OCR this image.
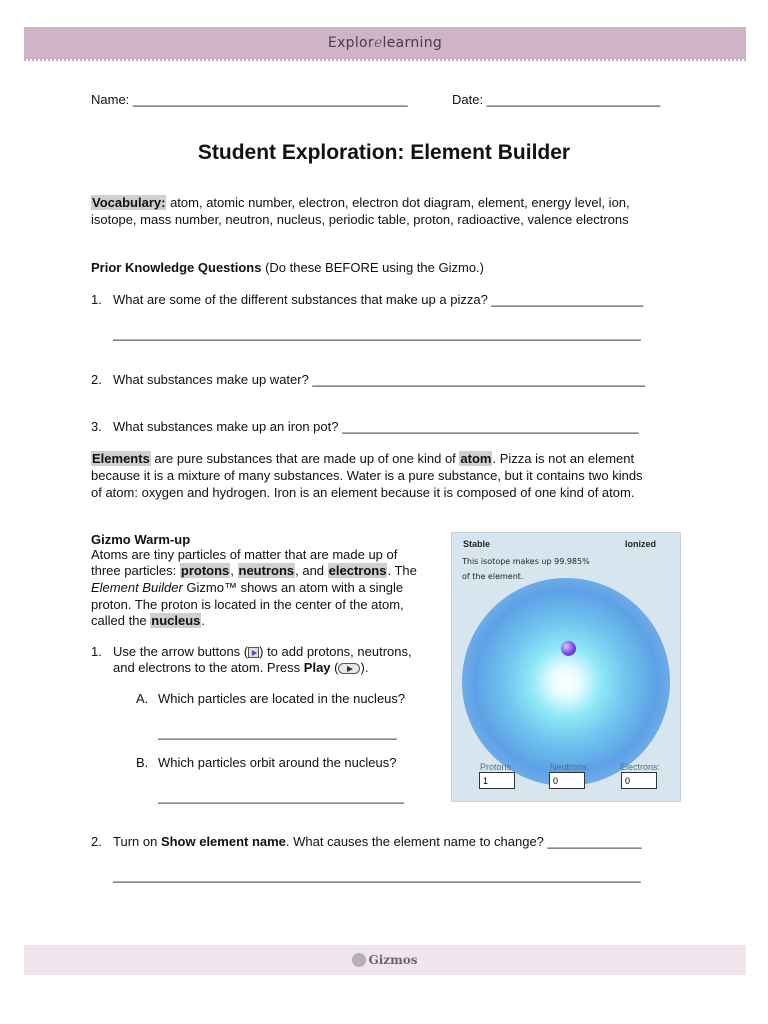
Explorelearning
Name: ______________________________________	Date: ________________________
Student Exploration: Element Builder
Vocabulary: atom, atomic number, electron, electron dot diagram, element, energy level, ion,
isotope, mass number, neutron, nucleus, periodic table, proton, radioactive, valence electrons
Prior Knowledge Questions (Do these BEFORE using the Gizmo.)
1. What are some of the different substances that make up a pizza? _____________________
_________________________________________________________________________
2. What substances make up water? ______________________________________________
3. What substances make up an iron pot? _________________________________________
Elements are pure substances that are made up of one kind of atom. Pizza is not an element
because it is a mixture of many substances. Water is a pure substance, but it contains two kinds
of atom: oxygen and hydrogen. Iron is an element because it is composed of one kind of atom.
Gizmo Warm-up
Atoms are tiny particles of matter that are made up of
three particles: protons, neutrons, and electrons. The
Element Builder Gizmo™ shows an atom with a single
proton. The proton is located in the center of the atom,
called the nucleus.
1. Use the arrow buttons ( ) to add protons, neutrons,
and electrons to the atom. Press Play ( ).
A. Which particles are located in the nucleus?
_________________________________
B. Which particles orbit around the nucleus?
__________________________________
2. Turn on Show element name. What causes the element name to change? _____________
_________________________________________________________________________
Stable	Ionized
This isotope makes up 99.985%
of the element.
Protons:	Neutrons:	Electrons:
1	0	0
Gizmos
